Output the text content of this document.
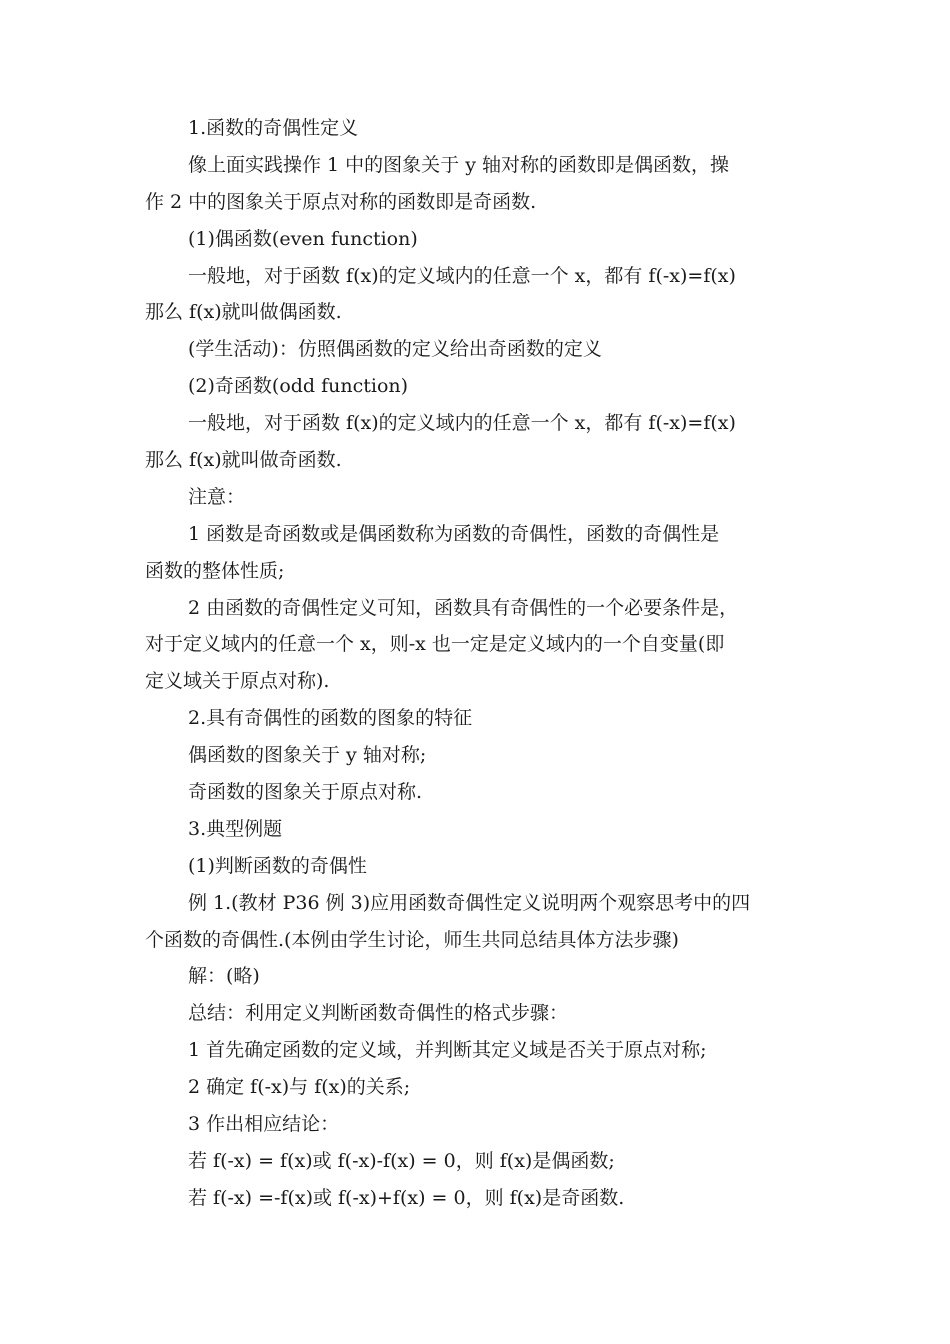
1.函数的奇偶性定义
像上面实践操作 1 中的图象关于 y 轴对称的函数即是偶函数，操
作 2 中的图象关于原点对称的函数即是奇函数.
(1)偶函数(even function)
一般地，对于函数 f(x)的定义域内的任意一个 x，都有 f(-x)=f(x)
那么 f(x)就叫做偶函数.
(学生活动)：仿照偶函数的定义给出奇函数的定义
(2)奇函数(odd function)
一般地，对于函数 f(x)的定义域内的任意一个 x，都有 f(-x)=f(x)
那么 f(x)就叫做奇函数.
注意：
1 函数是奇函数或是偶函数称为函数的奇偶性，函数的奇偶性是
函数的整体性质;
2 由函数的奇偶性定义可知，函数具有奇偶性的一个必要条件是，
对于定义域内的任意一个 x，则-x 也一定是定义域内的一个自变量(即
定义域关于原点对称).
2.具有奇偶性的函数的图象的特征
偶函数的图象关于 y 轴对称;
奇函数的图象关于原点对称.
3.典型例题
(1)判断函数的奇偶性
例 1.(教材 P36 例 3)应用函数奇偶性定义说明两个观察思考中的四
个函数的奇偶性.(本例由学生讨论，师生共同总结具体方法步骤)
解：(略)
总结：利用定义判断函数奇偶性的格式步骤：
1 首先确定函数的定义域，并判断其定义域是否关于原点对称;
2 确定 f(-x)与 f(x)的关系;
3 作出相应结论：
若 f(-x) = f(x)或 f(-x)-f(x) = 0，则 f(x)是偶函数;
若 f(-x) =-f(x)或 f(-x)+f(x) = 0，则 f(x)是奇函数.
